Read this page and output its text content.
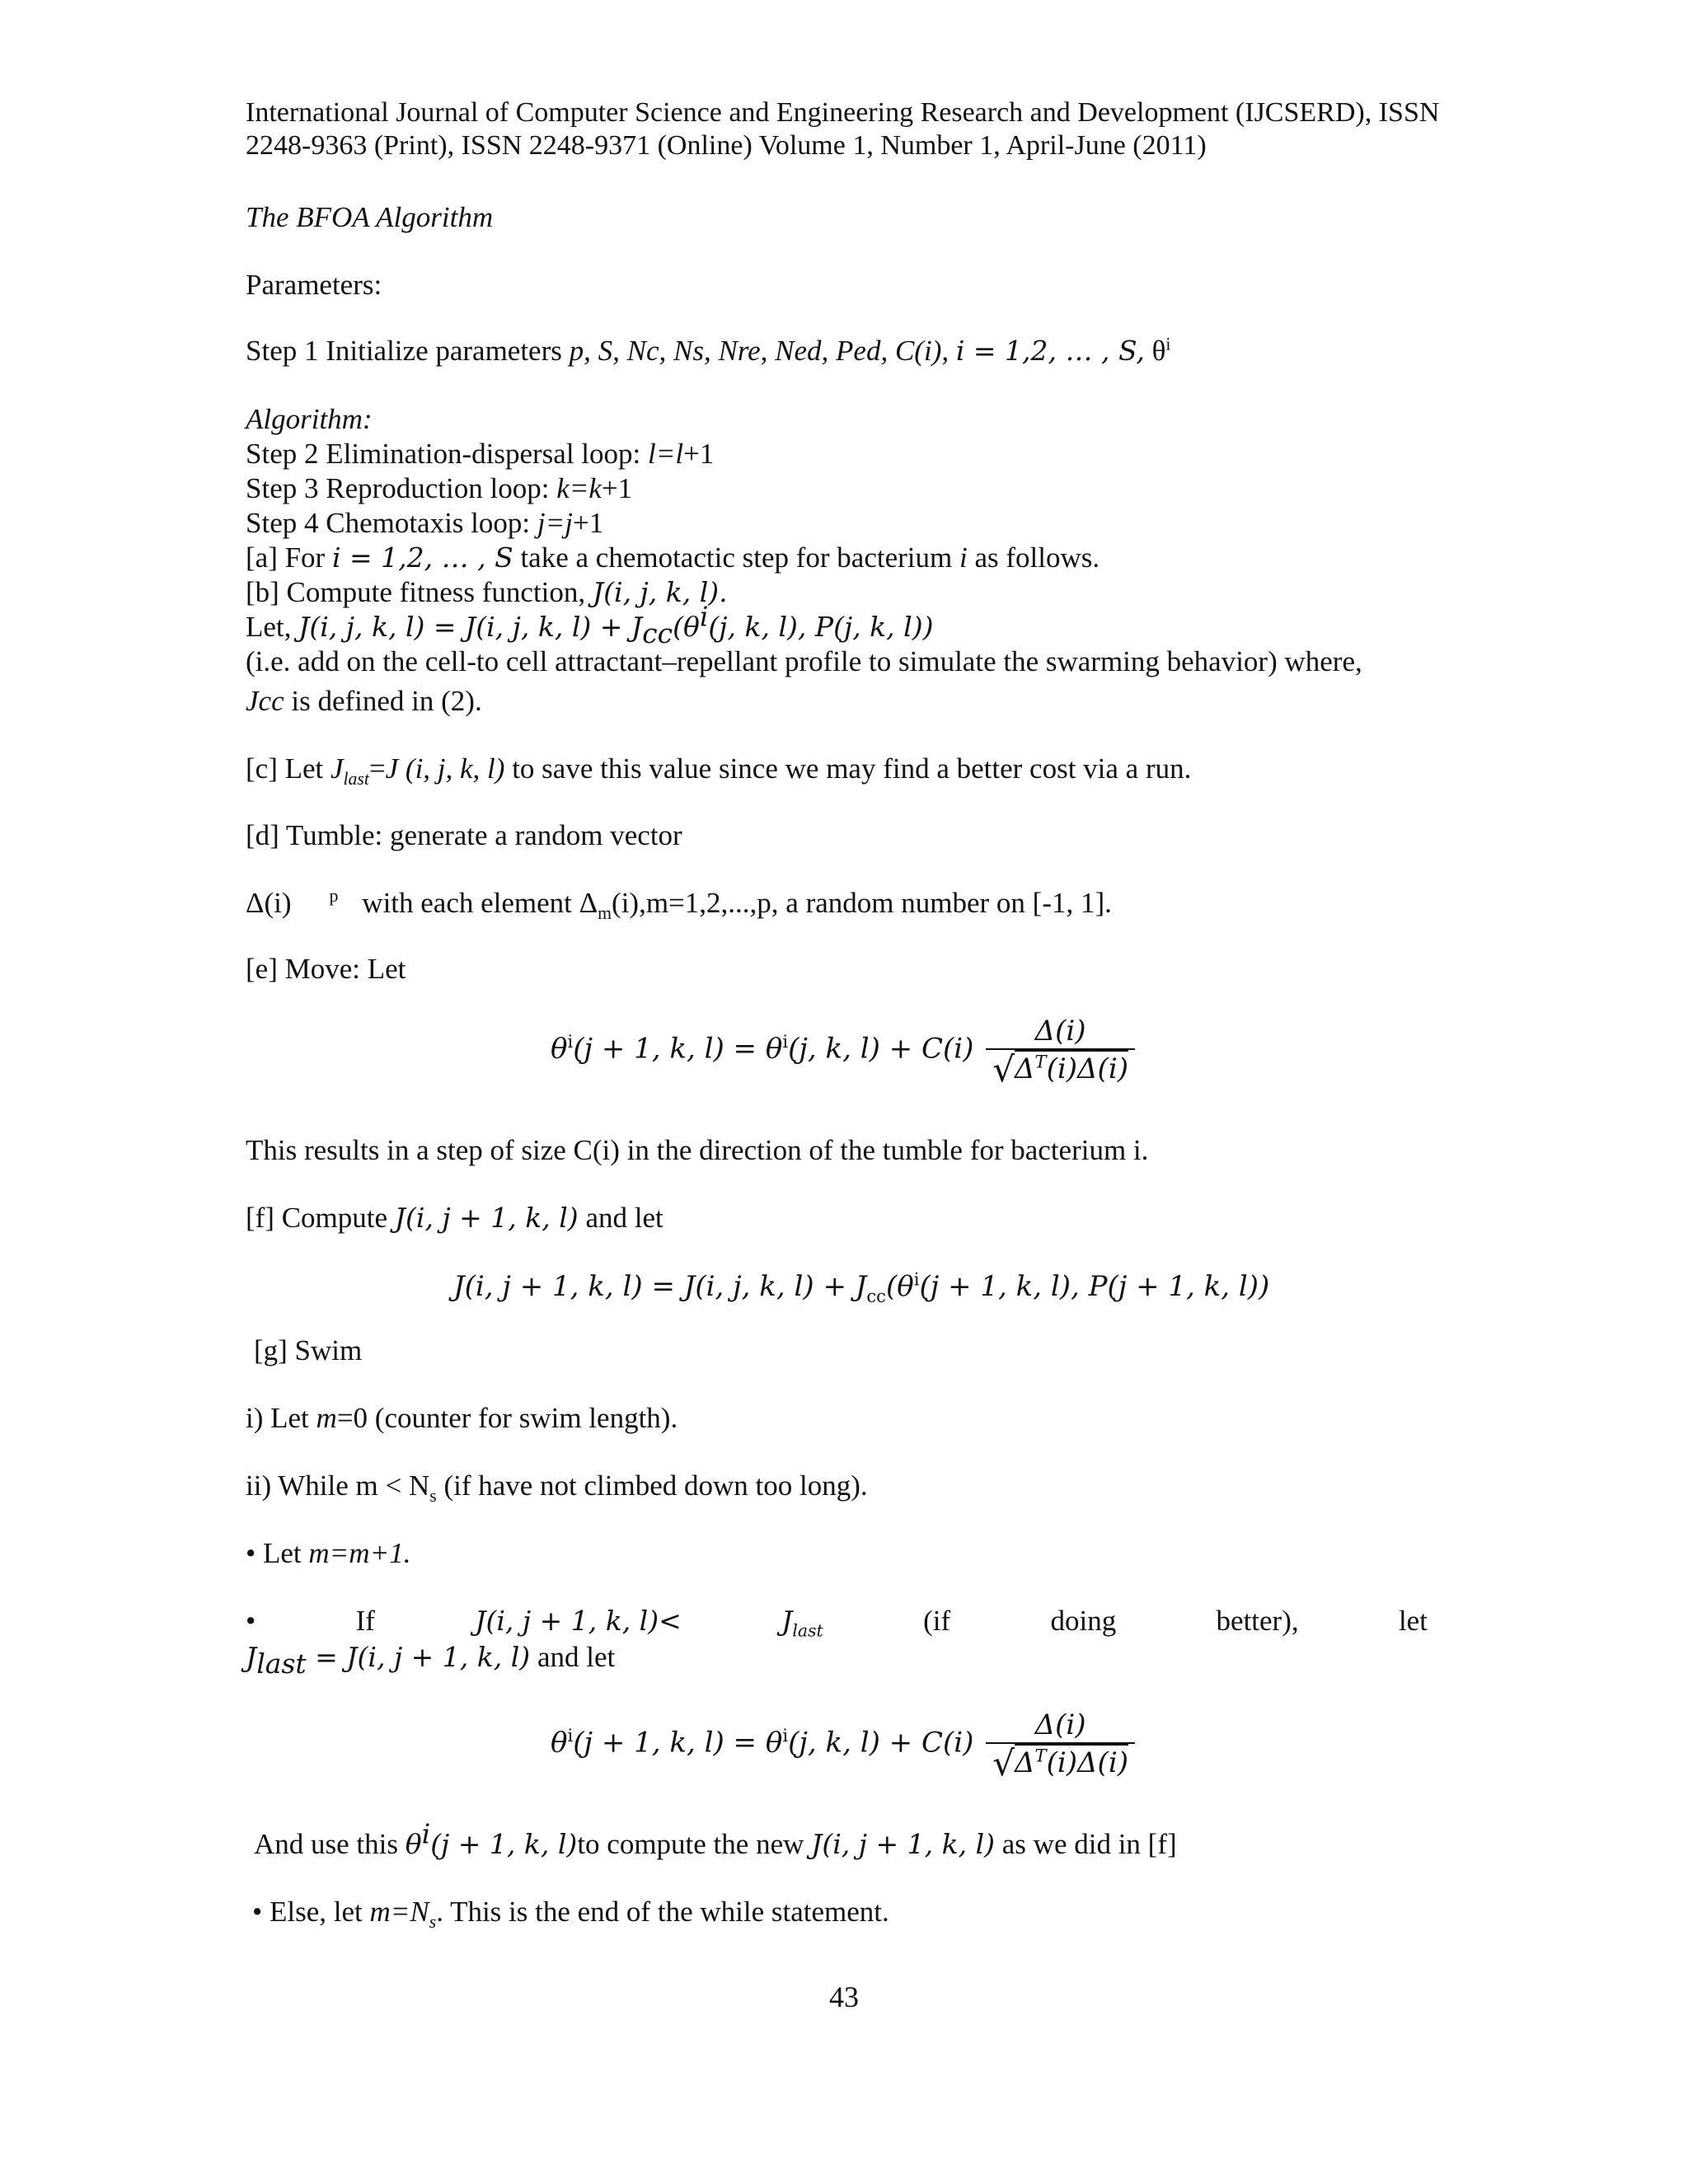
International Journal of Computer Science and Engineering Research and Development (IJCSERD), ISSN
2248-9363 (Print), ISSN 2248-9371 (Online) Volume 1, Number 1, April-June (2011)
The BFOA Algorithm
Parameters:
Step 1 Initialize parameters p, S, Nc, Ns, Nre, Ned, Ped, C(i), i = 1,2, … , S, $\theta^i$
Algorithm:
Step 2 Elimination-dispersal loop: l=l+1
Step 3 Reproduction loop: k=k+1
Step 4 Chemotaxis loop: j=j+1
[a] For i = 1,2, … , S take a chemotactic step for bacterium i as follows.
[b] Compute fitness function, J(i, j, k, l).
Let, J(i, j, k, l) = J(i, j, k, $l) + J_{cc}(\theta^i(j$, k, l), P(j, k, l))
(i.e. add on the cell-to cell attractant–repellant profile to simulate the swarming behavior) where,
Jcc is defined in (2).
[c] Let $J_{last}=J$ (i, j, k, l) to save this value since we may find a better cost via a run.
[d] Tumble: generate a random vector
Δ(i) $^p$ with each element $\Delta_m(i),m=1,2,...,p$, a random number on [-1, 1].
[e] Move: Let
$\theta^i(j + 1$, k, $l) = \theta^i(j$, k, $l) + C(i) \frac{\Delta(i)}{√\Delta^T(i)\Delta(i)}$
This results in a step of size C(i) in the direction of the tumble for bacterium i.
[f] Compute J(i, j + 1, k, l) and let
J(i, j + 1, k, l) = J(i, j, k, $l) + J_{cc}(\theta^i(j + 1$, k, l), P(j + 1, k, l))
[g] Swim
i) Let m=0 (counter for swim length).
ii) While $m < N_s$ (if have not climbed down too long).
• Let m=m+1.
•	If	J(i, j + 1, k, l)<	$J_{last}$	(if	doing	better),	let
$J_{last} = J(i$, j + 1, k, l) and let
$\theta^i(j + 1$, k, $l) = \theta^i(j$, k, $l) + C(i) \frac{\Delta(i)}{√\Delta^T(i)\Delta(i)}$
And use this $\theta^i(j + 1$, k, l)to compute the new J(i, j + 1, k, l) as we did in [f]
• Else, let $m=N_s$. This is the end of the while statement.
43
